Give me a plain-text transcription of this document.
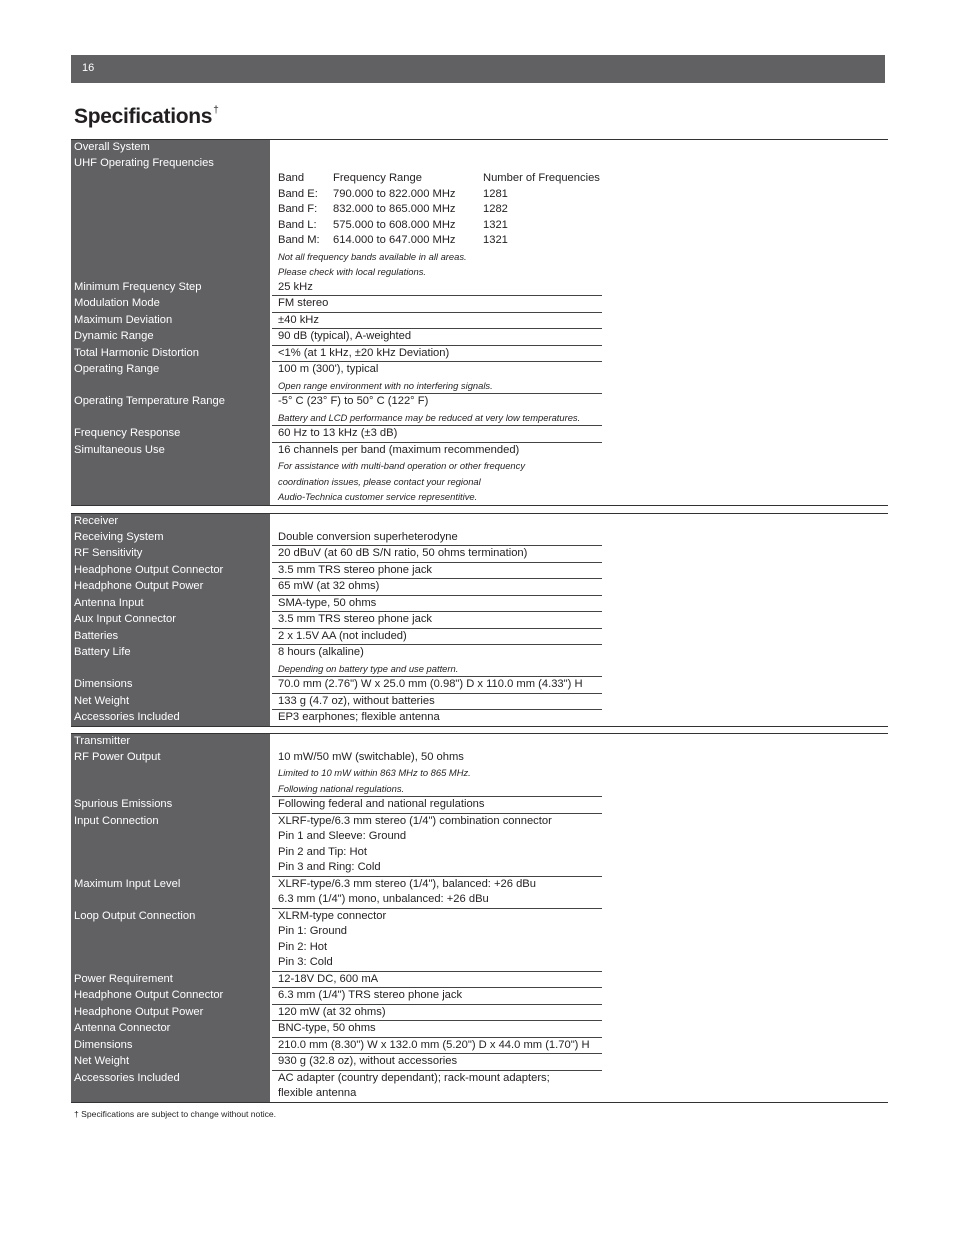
16
Specifications†
Overall System
UHF Operating Frequencies
Band	Frequency Range	Number of Frequencies
Band E:	790.000 to 822.000 MHz	1281
Band F:	832.000 to 865.000 MHz	1282
Band L:	575.000 to 608.000 MHz	1321
Band M:	614.000 to 647.000 MHz	1321
Not all frequency bands available in all areas.
Please check with local regulations.
Minimum Frequency Step	25 kHz
Modulation Mode	FM stereo
Maximum Deviation	±40 kHz
Dynamic Range	90 dB (typical), A-weighted
Total Harmonic Distortion	<1% (at 1 kHz, ±20 kHz Deviation)
Operating Range	100 m (300'), typical
Open range environment with no interfering signals.
Operating Temperature Range	-5° C (23° F) to 50° C (122° F)
Battery and LCD performance may be reduced at very low temperatures.
Frequency Response	60 Hz to 13 kHz (±3 dB)
Simultaneous Use	16 channels per band (maximum recommended)
For assistance with multi-band operation or other frequency
coordination issues, please contact your regional
Audio-Technica customer service representitive.
Receiver
Receiving System	Double conversion superheterodyne
RF Sensitivity	20 dBuV (at 60 dB S/N ratio, 50 ohms termination)
Headphone Output Connector	3.5 mm TRS stereo phone jack
Headphone Output Power	65 mW (at 32 ohms)
Antenna Input	SMA-type, 50 ohms
Aux Input Connector	3.5 mm TRS stereo phone jack
Batteries	2 x 1.5V AA (not included)
Battery Life	8 hours (alkaline)
Depending on battery type and use pattern.
Dimensions	70.0 mm (2.76") W x 25.0 mm (0.98") D x 110.0 mm (4.33") H
Net Weight	133 g (4.7 oz), without batteries
Accessories Included	EP3 earphones; flexible antenna
Transmitter
RF Power Output	10 mW/50 mW (switchable), 50 ohms
Limited to 10 mW within 863 MHz to 865 MHz.
Following national regulations.
Spurious Emissions	Following federal and national regulations
Input Connection	XLRF-type/6.3 mm stereo (1/4") combination connector
Pin 1 and Sleeve: Ground
Pin 2 and Tip: Hot
Pin 3 and Ring: Cold
Maximum Input Level	XLRF-type/6.3 mm stereo (1/4"), balanced: +26 dBu
6.3 mm (1/4") mono, unbalanced: +26 dBu
Loop Output Connection	XLRM-type connector
Pin 1: Ground
Pin 2: Hot
Pin 3: Cold
Power Requirement	12-18V DC, 600 mA
Headphone Output Connector	6.3 mm (1/4") TRS stereo phone jack
Headphone Output Power	120 mW (at 32 ohms)
Antenna Connector	BNC-type, 50 ohms
Dimensions	210.0 mm (8.30") W x 132.0 mm (5.20") D x 44.0 mm (1.70") H
Net Weight	930 g (32.8 oz), without accessories
Accessories Included	AC adapter (country dependant); rack-mount adapters;
flexible antenna
† Specifications are subject to change without notice.
